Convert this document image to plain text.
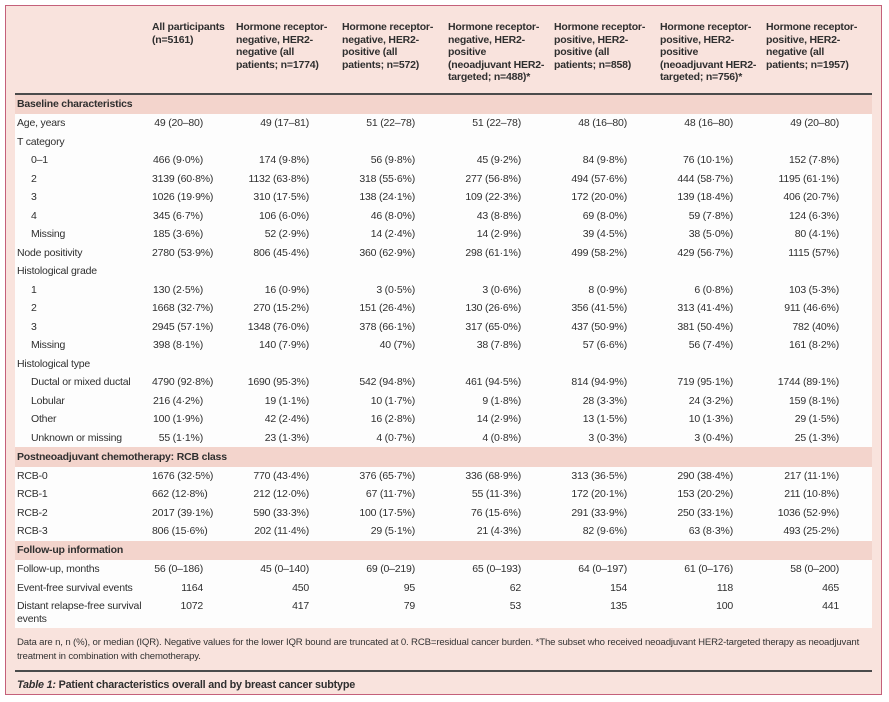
	All participants (n=5161)	Hormone receptor-negative, HER2-negative (all patients; n=1774)	Hormone receptor-negative, HER2-positive (all patients; n=572)	Hormone receptor-negative, HER2-positive (neoadjuvant HER2-targeted; n=488)*	Hormone receptor-positive, HER2-positive (all patients; n=858)	Hormone receptor-positive, HER2-positive (neoadjuvant HER2-targeted; n=756)*	Hormone receptor-positive, HER2-negative (all patients; n=1957)
Baseline characteristics							
Age, years	49 (20–80)	49 (17–81)	51 (22–78)	51 (22–78)	48 (16–80)	48 (16–80)	49 (20–80)
T category							
0–1	466 (9·0%)	174 (9·8%)	56 (9·8%)	45 (9·2%)	84 (9·8%)	76 (10·1%)	152 (7·8%)
2	3139 (60·8%)	1132 (63·8%)	318 (55·6%)	277 (56·8%)	494 (57·6%)	444 (58·7%)	1195 (61·1%)
3	1026 (19·9%)	310 (17·5%)	138 (24·1%)	109 (22·3%)	172 (20·0%)	139 (18·4%)	406 (20·7%)
4	345 (6·7%)	106 (6·0%)	46 (8·0%)	43 (8·8%)	69 (8·0%)	59 (7·8%)	124 (6·3%)
Missing	185 (3·6%)	52 (2·9%)	14 (2·4%)	14 (2·9%)	39 (4·5%)	38 (5·0%)	80 (4·1%)
Node positivity	2780 (53·9%)	806 (45·4%)	360 (62·9%)	298 (61·1%)	499 (58·2%)	429 (56·7%)	1115 (57%)
Histological grade							
1	130 (2·5%)	16 (0·9%)	3 (0·5%)	3 (0·6%)	8 (0·9%)	6 (0·8%)	103 (5·3%)
2	1668 (32·7%)	270 (15·2%)	151 (26·4%)	130 (26·6%)	356 (41·5%)	313 (41·4%)	911 (46·6%)
3	2945 (57·1%)	1348 (76·0%)	378 (66·1%)	317 (65·0%)	437 (50·9%)	381 (50·4%)	782 (40%)
Missing	398 (8·1%)	140 (7·9%)	40 (7%)	38 (7·8%)	57 (6·6%)	56 (7·4%)	161 (8·2%)
Histological type							
Ductal or mixed ductal	4790 (92·8%)	1690 (95·3%)	542 (94·8%)	461 (94·5%)	814 (94·9%)	719 (95·1%)	1744 (89·1%)
Lobular	216 (4·2%)	19 (1·1%)	10 (1·7%)	9 (1·8%)	28 (3·3%)	24 (3·2%)	159 (8·1%)
Other	100 (1·9%)	42 (2·4%)	16 (2·8%)	14 (2·9%)	13 (1·5%)	10 (1·3%)	29 (1·5%)
Unknown or missing	55 (1·1%)	23 (1·3%)	4 (0·7%)	4 (0·8%)	3 (0·3%)	3 (0·4%)	25 (1·3%)
Postneoadjuvant chemotherapy: RCB class							
RCB-0	1676 (32·5%)	770 (43·4%)	376 (65·7%)	336 (68·9%)	313 (36·5%)	290 (38·4%)	217 (11·1%)
RCB-1	662 (12·8%)	212 (12·0%)	67 (11·7%)	55 (11·3%)	172 (20·1%)	153 (20·2%)	211 (10·8%)
RCB-2	2017 (39·1%)	590 (33·3%)	100 (17·5%)	76 (15·6%)	291 (33·9%)	250 (33·1%)	1036 (52·9%)
RCB-3	806 (15·6%)	202 (11·4%)	29 (5·1%)	21 (4·3%)	82 (9·6%)	63 (8·3%)	493 (25·2%)
Follow-up information							
Follow-up, months	56 (0–186)	45 (0–140)	69 (0–219)	65 (0–193)	64 (0–197)	61 (0–176)	58 (0–200)
Event-free survival events	1164	450	95	62	154	118	465
Distant relapse-free survival events	1072	417	79	53	135	100	441
Data are n, n (%), or median (IQR). Negative values for the lower IQR bound are truncated at 0. RCB=residual cancer burden. *The subset who received neoadjuvant HER2-targeted therapy as neoadjuvant treatment in combination with chemotherapy.
Table 1: Patient characteristics overall and by breast cancer subtype
